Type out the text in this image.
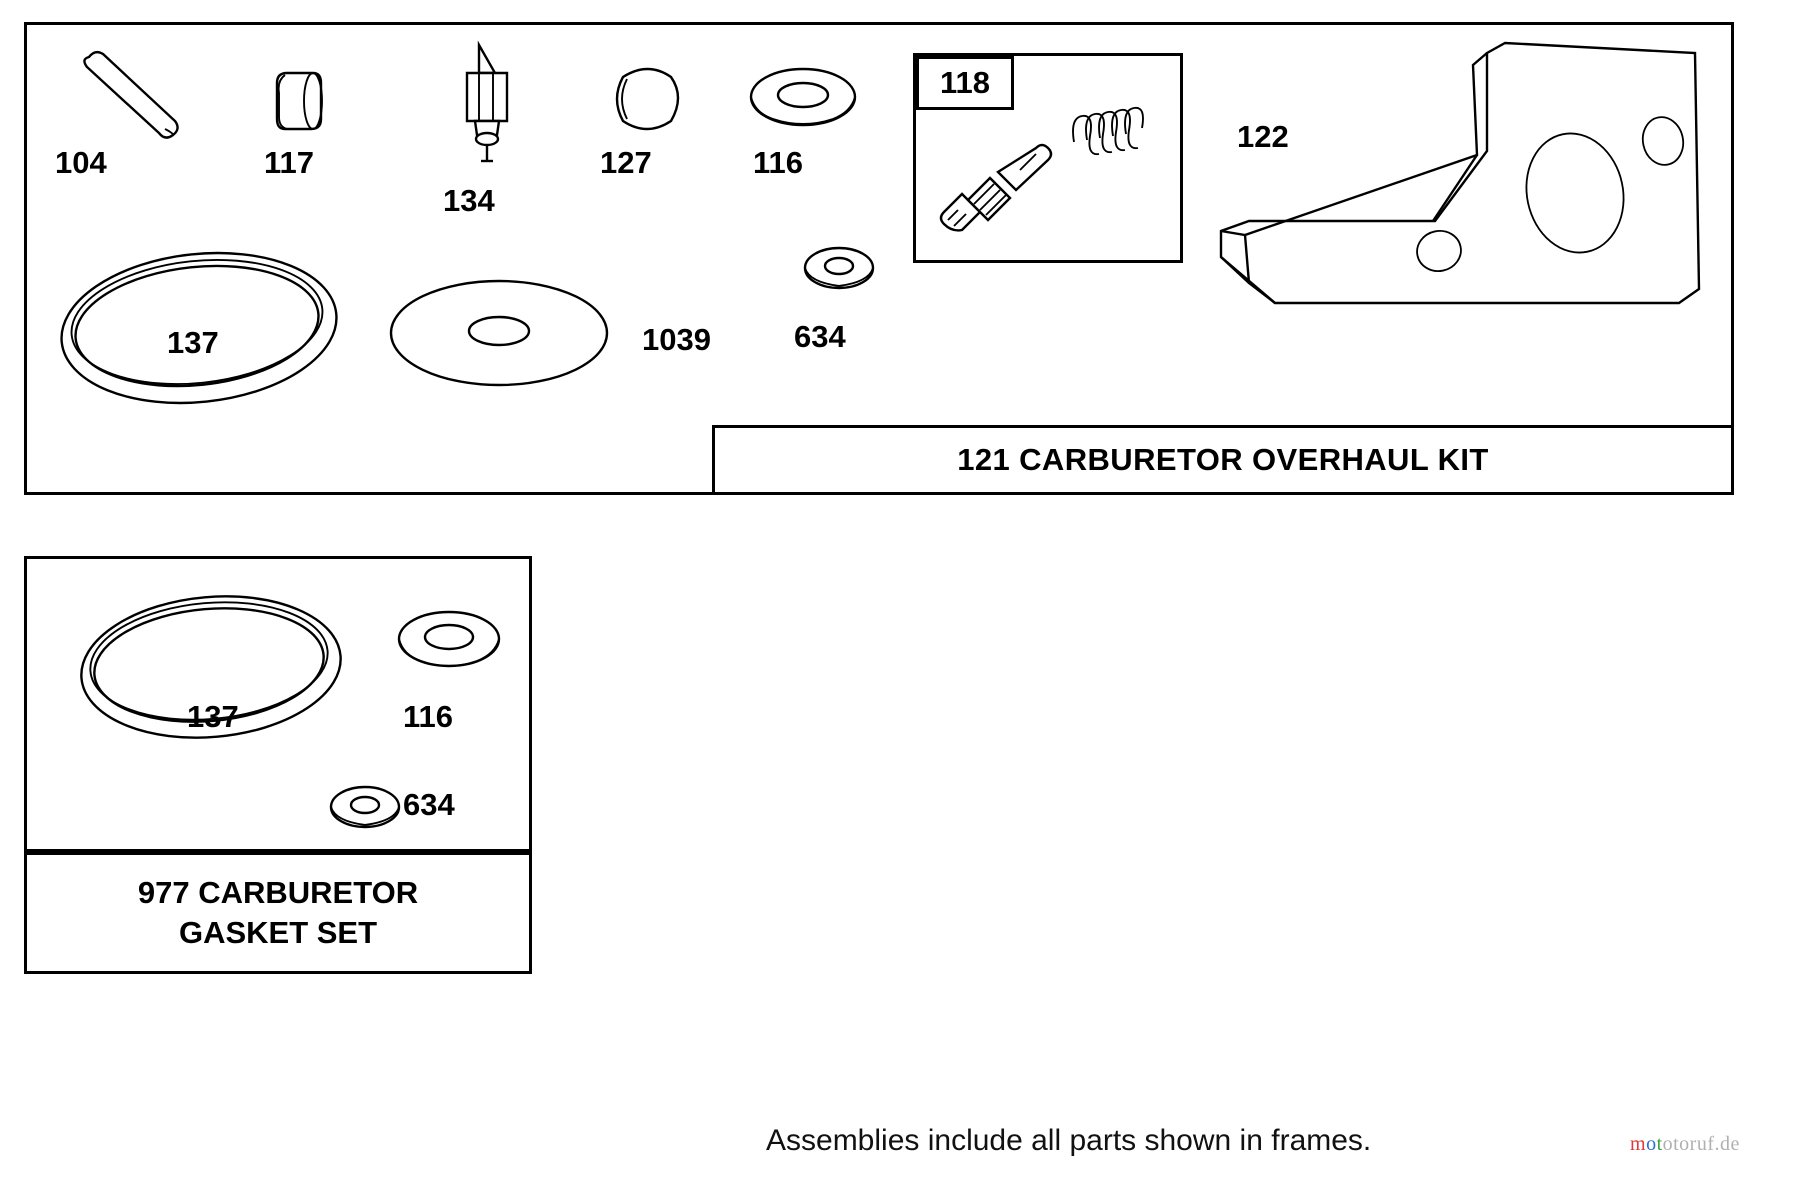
104	117
134
127	116
118
122
137	1039	634
121 CARBURETOR OVERHAUL KIT
137	116
634
977 CARBURETOR
GASKET SET
Assemblies include all parts shown in frames.	mototoruf.de
